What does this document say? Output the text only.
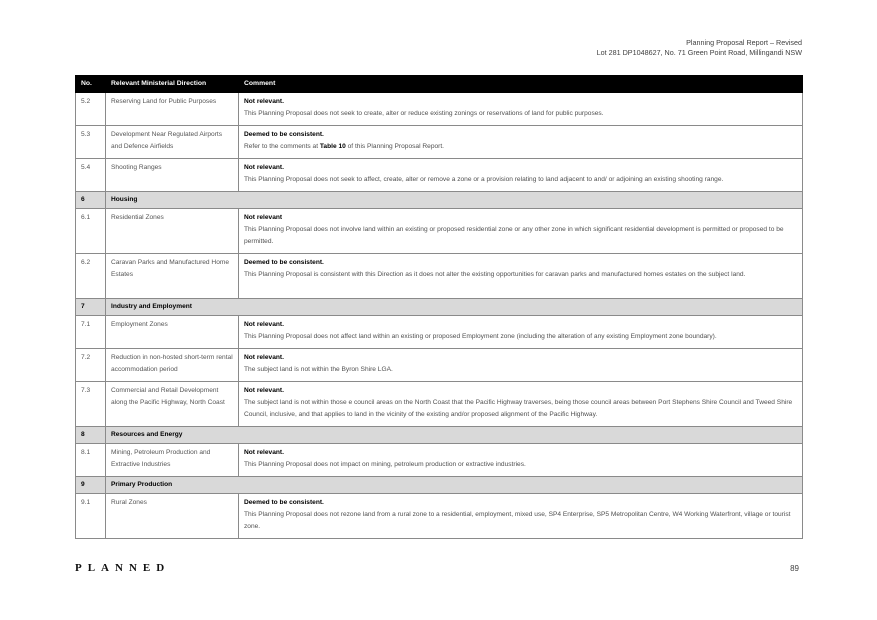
Planning Proposal Report – Revised
Lot 281 DP1048627, No. 71 Green Point Road, Millingandi NSW
No.	Relevant Ministerial Direction	Comment
5.2	Reserving Land for Public Purposes	Not relevant.
This Planning Proposal does not seek to create, alter or reduce existing zonings or reservations of land for public purposes.

5.3	Development Near Regulated Airports and Defence Airfields	Deemed to be consistent.
Refer to the comments at Table 10 of this Planning Proposal Report.

5.4	Shooting Ranges	Not relevant.
This Planning Proposal does not seek to affect, create, alter or remove a zone or a provision relating to land adjacent to and/ or adjoining an existing shooting range.

6	Housing	
6.1	Residential Zones	Not relevant
This Planning Proposal does not involve land within an existing or proposed residential zone or any other zone in which significant residential development is permitted or proposed to be permitted.

6.2	Caravan Parks and Manufactured Home Estates	Deemed to be consistent.
This Planning Proposal is consistent with this Direction as it does not alter the existing opportunities for caravan parks and manufactured homes estates on the subject land.

7	Industry and Employment	
7.1	Employment Zones	Not relevant.
This Planning Proposal does not affect land within an existing or proposed Employment zone (including the alteration of any existing Employment zone boundary).

7.2	Reduction in non-hosted short-term rental accommodation period	Not relevant.
The subject land is not within the Byron Shire LGA.

7.3	Commercial and Retail Development along the Pacific Highway, North Coast	Not relevant.
The subject land is not within those e council areas on the North Coast that the Pacific Highway traverses, being those council areas between Port Stephens Shire Council and Tweed Shire Council, inclusive, and that applies to land in the vicinity of the existing and/or proposed alignment of the Pacific Highway.

8	Resources and Energy	
8.1	Mining, Petroleum Production and Extractive Industries	Not relevant.
This Planning Proposal does not impact on mining, petroleum production or extractive industries.

9	Primary Production	
9.1	Rural Zones	Deemed to be consistent.
This Planning Proposal does not rezone land from a rural zone to a residential, employment, mixed use, SP4 Enterprise, SP5 Metropolitan Centre, W4 Working Waterfront, village or tourist zone.
PLANNED	89
